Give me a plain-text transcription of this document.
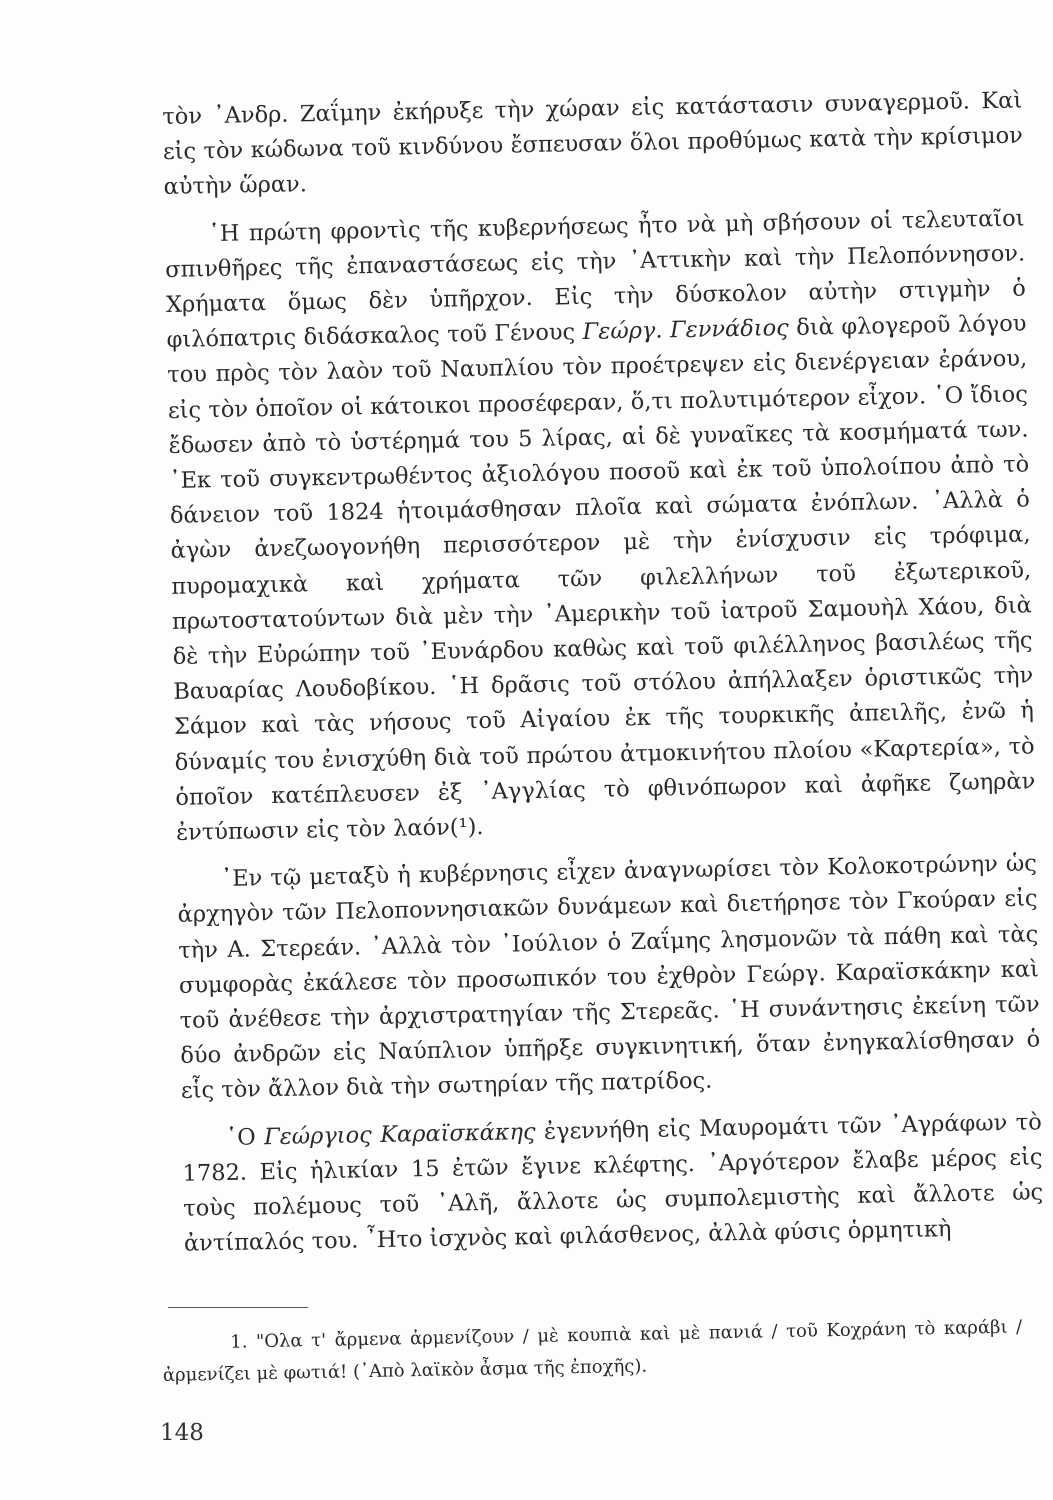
τὸν ᾿Ανδρ. Ζαΐμην ἐκήρυξε τὴν χώραν εἰς κατάστασιν συναγερμοῦ. Καὶ εἰς τὸν κώδωνα τοῦ κινδύνου ἔσπευσαν ὅλοι προθύμως κατὰ τὴν κρίσιμον αὐτὴν ὥραν.

῾Η πρώτη φροντὶς τῆς κυβερνήσεως ἦτο νὰ μὴ σβήσουν οἱ τελευταῖοι σπινθῆρες τῆς ἐπαναστάσεως εἰς τὴν ᾿Αττικὴν καὶ τὴν Πελοπόννησον. Χρήματα ὅμως δὲν ὑπῆρχον. Εἰς τὴν δύσκολον αὐτὴν στιγμὴν ὁ φιλόπατρις διδάσκαλος τοῦ Γένους Γεώργ. Γεννάδιος διὰ φλογεροῦ λόγου του πρὸς τὸν λαὸν τοῦ Ναυπλίου τὸν προέτρεψεν εἰς διενέργειαν ἐράνου, εἰς τὸν ὁποῖον οἱ κάτοικοι προσέφεραν, ὅ,τι πολυτιμότερον εἶχον. ῾Ο ἴδιος ἔδωσεν ἀπὸ τὸ ὑστέρημά του 5 λίρας, αἱ δὲ γυναῖκες τὰ κοσμήματά των. ᾿Εκ τοῦ συγκεντρωθέντος ἀξιολόγου ποσοῦ καὶ ἐκ τοῦ ὑπολοίπου ἀπὸ τὸ δάνειον τοῦ 1824 ἡτοιμάσθησαν πλοῖα καὶ σώματα ἐνόπλων. ᾿Αλλὰ ὁ ἀγὼν ἀνεζωογονήθη περισσότερον μὲ τὴν ἐνίσχυσιν εἰς τρόφιμα, πυρομαχικὰ καὶ χρήματα τῶν φιλελλήνων τοῦ ἐξωτερικοῦ, πρωτοστατούντων διὰ μὲν τὴν ᾿Αμερικὴν τοῦ ἰατροῦ Σαμουὴλ Χάου, διὰ δὲ τὴν Εὐρώπην τοῦ ᾿Ευνάρδου καθὼς καὶ τοῦ φιλέλληνος βασιλέως τῆς Βαυαρίας Λουδοβίκου. ῾Η δρᾶσις τοῦ στόλου ἀπήλλαξεν ὁριστικῶς τὴν Σάμον καὶ τὰς νήσους τοῦ Αἰγαίου ἐκ τῆς τουρκικῆς ἀπειλῆς, ἐνῶ ἡ δύναμίς του ἐνισχύθη διὰ τοῦ πρώτου ἀτμοκινήτου πλοίου «Καρτερία», τὸ ὁποῖον κατέπλευσεν ἐξ ᾿Αγγλίας τὸ φθινόπωρον καὶ ἀφῆκε ζωηρὰν ἐντύπωσιν εἰς τὸν λαόν(¹).

᾿Εν τῷ μεταξὺ ἡ κυβέρνησις εἶχεν ἀναγνωρίσει τὸν Κολοκοτρώνην ὡς ἀρχηγὸν τῶν Πελοποννησιακῶν δυνάμεων καὶ διετήρησε τὸν Γκούραν εἰς τὴν Α. Στερεάν. ᾿Αλλὰ τὸν ᾿Ιούλιον ὁ Ζαΐμης λησμονῶν τὰ πάθη καὶ τὰς συμφορὰς ἐκάλεσε τὸν προσωπικόν του ἐχθρὸν Γεώργ. Καραϊσκάκην καὶ τοῦ ἀνέθεσε τὴν ἀρχιστρατηγίαν τῆς Στερεᾶς. ῾Η συνάντησις ἐκείνη τῶν δύο ἀνδρῶν εἰς Ναύπλιον ὑπῆρξε συγκινητική, ὅταν ἐνηγκαλίσθησαν ὁ εἷς τὸν ἄλλον διὰ τὴν σωτηρίαν τῆς πατρίδος.

῾Ο Γεώργιος Καραϊσκάκης ἐγεννήθη εἰς Μαυρομάτι τῶν ᾿Αγράφων τὸ 1782. Εἰς ἡλικίαν 15 ἐτῶν ἔγινε κλέφτης. ᾿Αργότερον ἔλαβε μέρος εἰς τοὺς πολέμους τοῦ ᾿Αλῆ, ἄλλοτε ὡς συμπολεμιστὴς καὶ ἄλλοτε ὡς ἀντίπαλός του. ῏Ητο ἰσχνὸς καὶ φιλάσθενος, ἀλλὰ φύσις ὁρμητικὴ

1. "Ολα τ' ἄρμενα ἀρμενίζουν / μὲ κουπιὰ καὶ μὲ πανιά / τοῦ Κοχράνη τὸ καράβι / ἀρμενίζει μὲ φωτιά! (᾿Απὸ λαϊκὸν ἆσμα τῆς ἐποχῆς).
148
